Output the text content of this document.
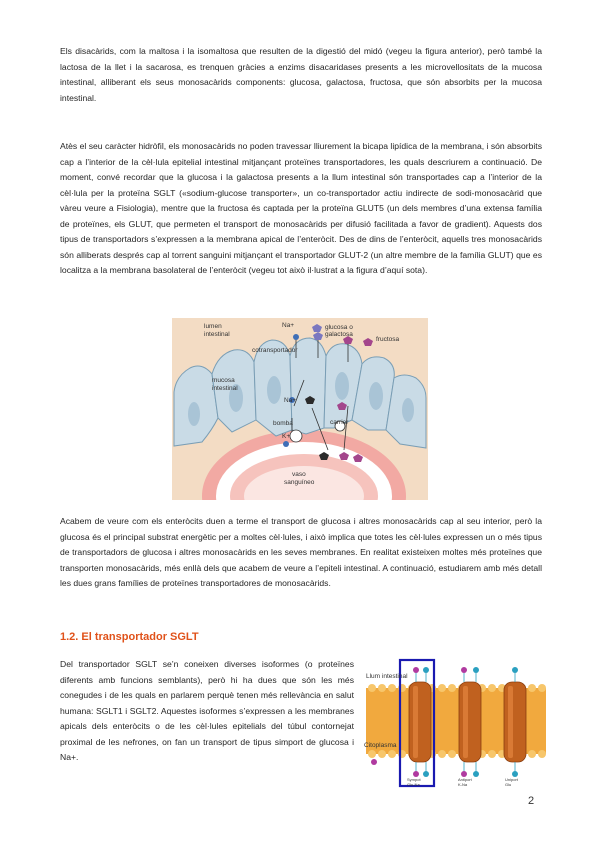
Els disacàrids, com la maltosa i la isomaltosa que resulten de la digestió del midó (vegeu la figura anterior), però també la lactosa de la llet i la sacarosa, es trenquen gràcies a enzims disacaridases presents a les microvellositats de la mucosa intestinal, alliberant els seus monosacàrids components: glucosa, galactosa, fructosa, que són absorbits per la mucosa intestinal.

Atès el seu caràcter hidròfil, els monosacàrids no poden travessar lliurement la bicapa lipídica de la membrana, i són absorbits cap a l’interior de la cèl·lula epitelial intestinal mitjançant proteïnes transportadores, les quals descriurem a continuació. De moment, convé recordar que la glucosa i la galactosa presents a la llum intestinal són transportades cap a l’interior de la cèl·lula per la proteïna SGLT («sodium-glucose transporter», un co-transportador actiu indirecte de sodi-monosacàrid que vàreu veure a Fisiologia), mentre que la fructosa és captada per la proteïna GLUT5 (un dels membres d’una extensa família de proteïnes, els GLUT, que permeten el transport de monosacàrids per difusió facilitada a favor de gradient). Aquests dos tipus de transportadors s’expressen a la membrana apical de l’enteròcit. Des de dins de l’enteròcit, aquells tres monosacàrids són alliberats després cap al torrent sanguini mitjançant el transportador GLUT-2 (un altre membre de la família GLUT) que es localitza a la membrana basolateral de l’enteròcit (vegeu tot això il·lustrat a la figura d’aquí sota).

lumen
intestinal
Na+	glucosa o
galactosa
fructosa
cotransportador
mucosa
intestinal
Na+
bomba
K+
carrier
vaso
sanguíneo

Acabem de veure com els enteròcits duen a terme el transport de glucosa i altres monosacàrids cap al seu interior, però la glucosa és el principal substrat energètic per a moltes cèl·lules, i això implica que totes les cèl·lules expressen un o més tipus de transportadors de glucosa i altres monosacàrids en les seves membranes. En realitat existeixen moltes més proteïnes que transporten monosacàrids, més enllà dels que acabem de veure a l’epiteli intestinal. A continuació, estudiarem amb més detall les dues grans famílies de proteïnes transportadores de monosacàrids.

1.2. El transportador SGLT

Del transportador SGLT se’n coneixen diverses isoformes (o proteïnes diferents amb funcions semblants), però hi ha dues que són les més conegudes i de les quals en parlarem perquè tenen més rellevància en salut humana: SGLT1 i SGLT2. Aquestes isoformes s’expressen a les membranes apicals dels enteròcits o de les cèl·lules epitelials del túbul contornejat proximal de les nefrones, on fan un transport de tipus simport de glucosa i Na+.

Llum intestinal
Citoplasma
Sympot
Glu-Na
Antiport
K-Na
Uniport
Glu
2
